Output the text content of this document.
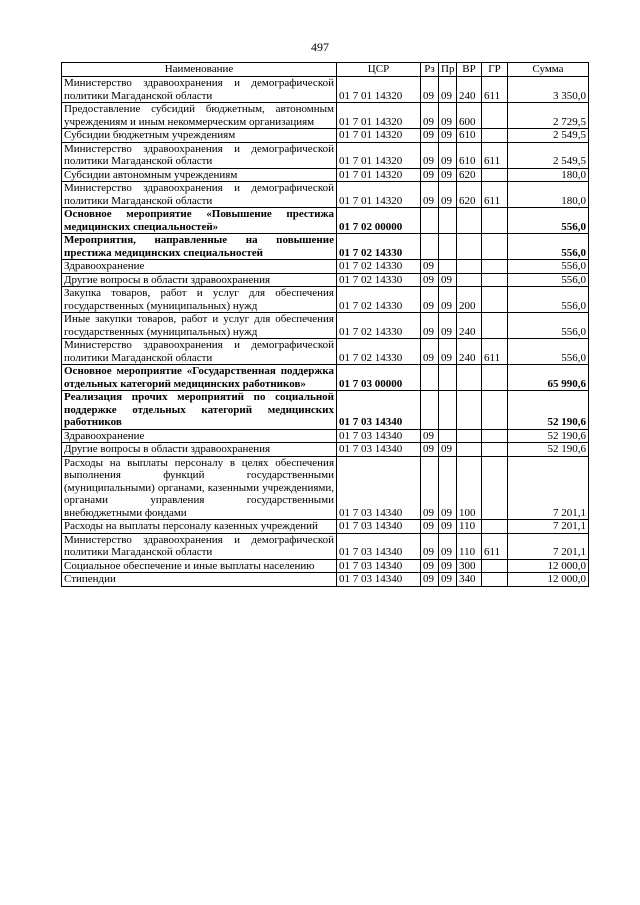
497
Наименование	ЦСР	Рз	Пр	ВР	ГР	Сумма
Министерство здравоохранения и демографической политики Магаданской области	01 7 01 14320	09	09	240	611	3 350,0
Предоставление субсидий бюджетным, автономным учреждениям и иным некоммерческим организациям	01 7 01 14320	09	09	600		2 729,5
Субсидии бюджетным учреждениям	01 7 01 14320	09	09	610		2 549,5
Министерство здравоохранения и демографической политики Магаданской области	01 7 01 14320	09	09	610	611	2 549,5
Субсидии автономным учреждениям	01 7 01 14320	09	09	620		180,0
Министерство здравоохранения и демографической политики Магаданской области	01 7 01 14320	09	09	620	611	180,0
Основное мероприятие «Повышение престижа медицинских специальностей»	01 7 02 00000					556,0
Мероприятия, направленные на повышение престижа медицинских специальностей	01 7 02 14330					556,0
Здравоохранение	01 7 02 14330	09				556,0
Другие вопросы в области здравоохранения	01 7 02 14330	09	09			556,0
Закупка товаров, работ и услуг для обеспечения государственных (муниципальных) нужд	01 7 02 14330	09	09	200		556,0
Иные закупки товаров, работ и услуг для обеспечения государственных (муниципальных) нужд	01 7 02 14330	09	09	240		556,0
Министерство здравоохранения и демографической политики Магаданской области	01 7 02 14330	09	09	240	611	556,0
Основное мероприятие «Государственная поддержка отдельных категорий медицинских работников»	01 7 03 00000					65 990,6
Реализация прочих мероприятий по социальной поддержке отдельных категорий медицинских работников	01 7 03 14340					52 190,6
Здравоохранение	01 7 03 14340	09				52 190,6
Другие вопросы в области здравоохранения	01 7 03 14340	09	09			52 190,6
Расходы на выплаты персоналу в целях обеспечения выполнения функций государственными (муниципальными) органами, казенными учреждениями, органами управления государственными внебюджетными фондами	01 7 03 14340	09	09	100		7 201,1
Расходы на выплаты персоналу казенных учреждений	01 7 03 14340	09	09	110		7 201,1
Министерство здравоохранения и демографической политики Магаданской области	01 7 03 14340	09	09	110	611	7 201,1
Социальное обеспечение и иные выплаты населению	01 7 03 14340	09	09	300		12 000,0
Стипендии	01 7 03 14340	09	09	340		12 000,0
